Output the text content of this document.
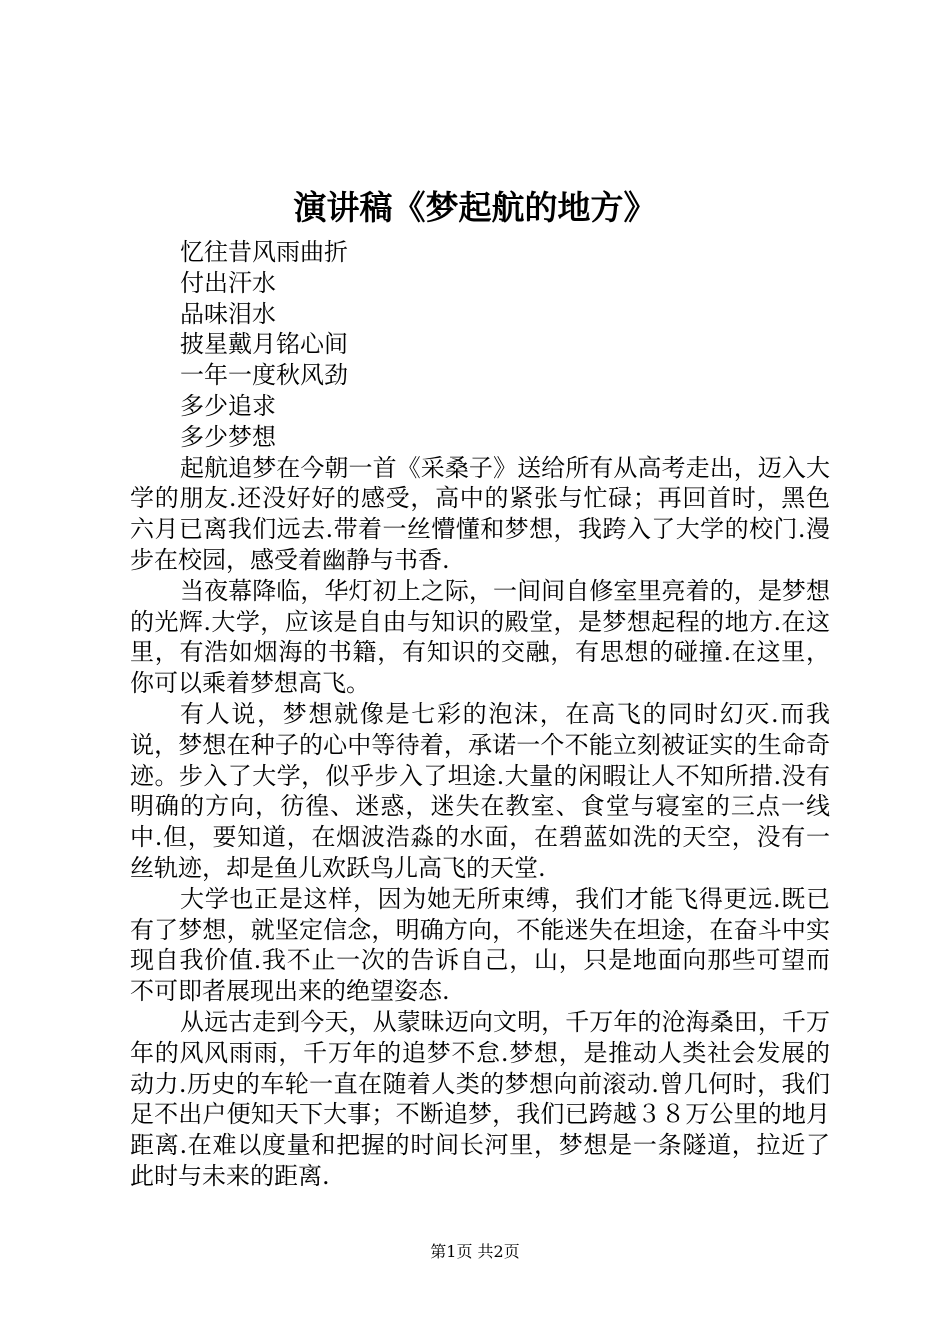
演讲稿《梦起航的地方》

忆往昔风雨曲折

付出汗水

品味泪水

披星戴月铭心间

一年一度秋风劲

多少追求

多少梦想

起航追梦在今朝一首《采桑子》送给所有从高考走出，迈入大学的朋友.还没好好的感受，高中的紧张与忙碌；再回首时，黑色六月已离我们远去.带着一丝懵懂和梦想，我跨入了大学的校门.漫步在校园，感受着幽静与书香.

当夜幕降临，华灯初上之际，一间间自修室里亮着的，是梦想的光辉.大学，应该是自由与知识的殿堂，是梦想起程的地方.在这里，有浩如烟海的书籍，有知识的交融，有思想的碰撞.在这里，你可以乘着梦想高飞。

有人说，梦想就像是七彩的泡沫，在高飞的同时幻灭.而我说，梦想在种子的心中等待着，承诺一个不能立刻被证实的生命奇迹。步入了大学，似乎步入了坦途.大量的闲暇让人不知所措.没有明确的方向，彷徨、迷惑，迷失在教室、食堂与寝室的三点一线中.但，要知道，在烟波浩淼的水面，在碧蓝如洗的天空，没有一丝轨迹，却是鱼儿欢跃鸟儿高飞的天堂.

大学也正是这样，因为她无所束缚，我们才能飞得更远.既已有了梦想，就坚定信念，明确方向，不能迷失在坦途，在奋斗中实现自我价值.我不止一次的告诉自己，山，只是地面向那些可望而不可即者展现出来的绝望姿态.

从远古走到今天，从蒙昧迈向文明，千万年的沧海桑田，千万年的风风雨雨，千万年的追梦不怠.梦想，是推动人类社会发展的动力.历史的车轮一直在随着人类的梦想向前滚动.曾几何时，我们足不出户便知天下大事；不断追梦，我们已跨越３８万公里的地月距离.在难以度量和把握的时间长河里，梦想是一条隧道，拉近了此时与未来的距离.

第1页 共2页
